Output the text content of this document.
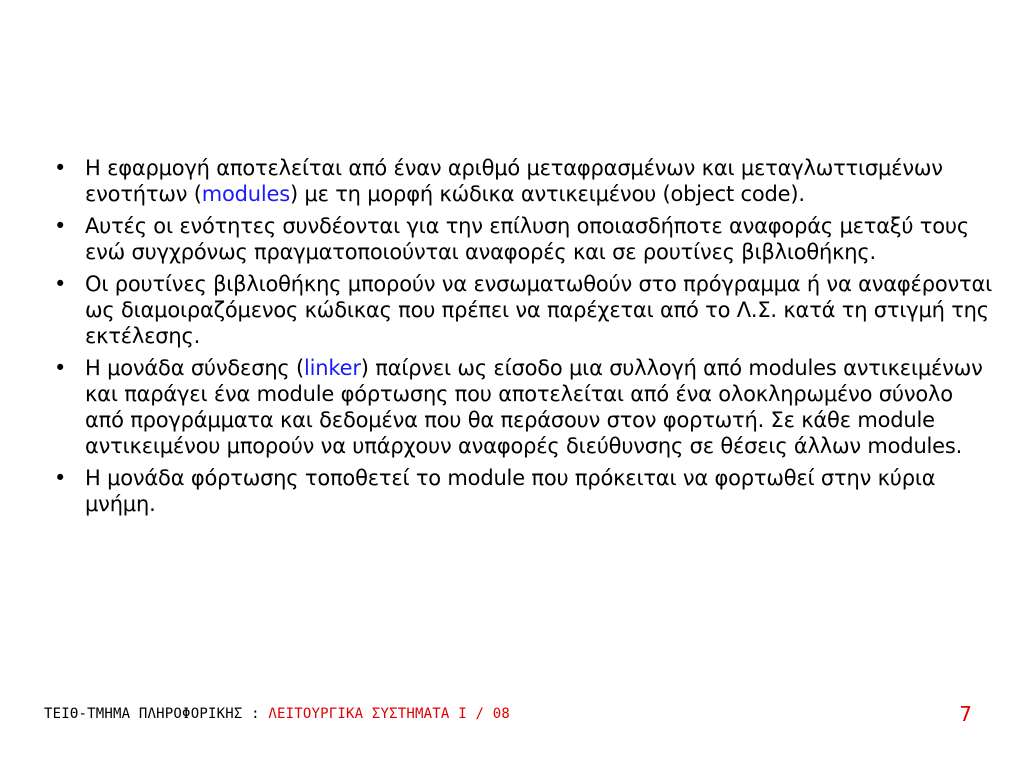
• Η εφαρμογή αποτελείται από έναν αριθμό μεταφρασμένων και μεταγλωττισμένων ενοτήτων (modules) με τη μορφή κώδικα αντικειμένου (object code).
• Αυτές οι ενότητες συνδέονται για την επίλυση οποιασδήποτε αναφοράς μεταξύ τους ενώ συγχρόνως πραγματοποιούνται αναφορές και σε ρουτίνες βιβλιοθήκης.
• Οι ρουτίνες βιβλιοθήκης μπορούν να ενσωματωθούν στο πρόγραμμα ή να αναφέρονται ως διαμοιραζόμενος κώδικας που πρέπει να παρέχεται από το Λ.Σ. κατά τη στιγμή της εκτέλεσης.
• Η μονάδα σύνδεσης (linker) παίρνει ως είσοδο μια συλλογή από modules αντικειμένων και παράγει ένα module φόρτωσης που αποτελείται από ένα ολοκληρωμένο σύνολο από προγράμματα και δεδομένα που θα περάσουν στον φορτωτή. Σε κάθε module αντικειμένου μπορούν να υπάρχουν αναφορές διεύθυνσης σε θέσεις άλλων modules.
• Η μονάδα φόρτωσης τοποθετεί το module που πρόκειται να φορτωθεί στην κύρια μνήμη.
ΤΕΙΘ-ΤΜΗΜΑ ΠΛΗΡΟΦΟΡΙΚΗΣ : ΛΕΙΤΟΥΡΓΙΚΑ ΣΥΣΤΗΜΑΤΑ Ι / 08	7
